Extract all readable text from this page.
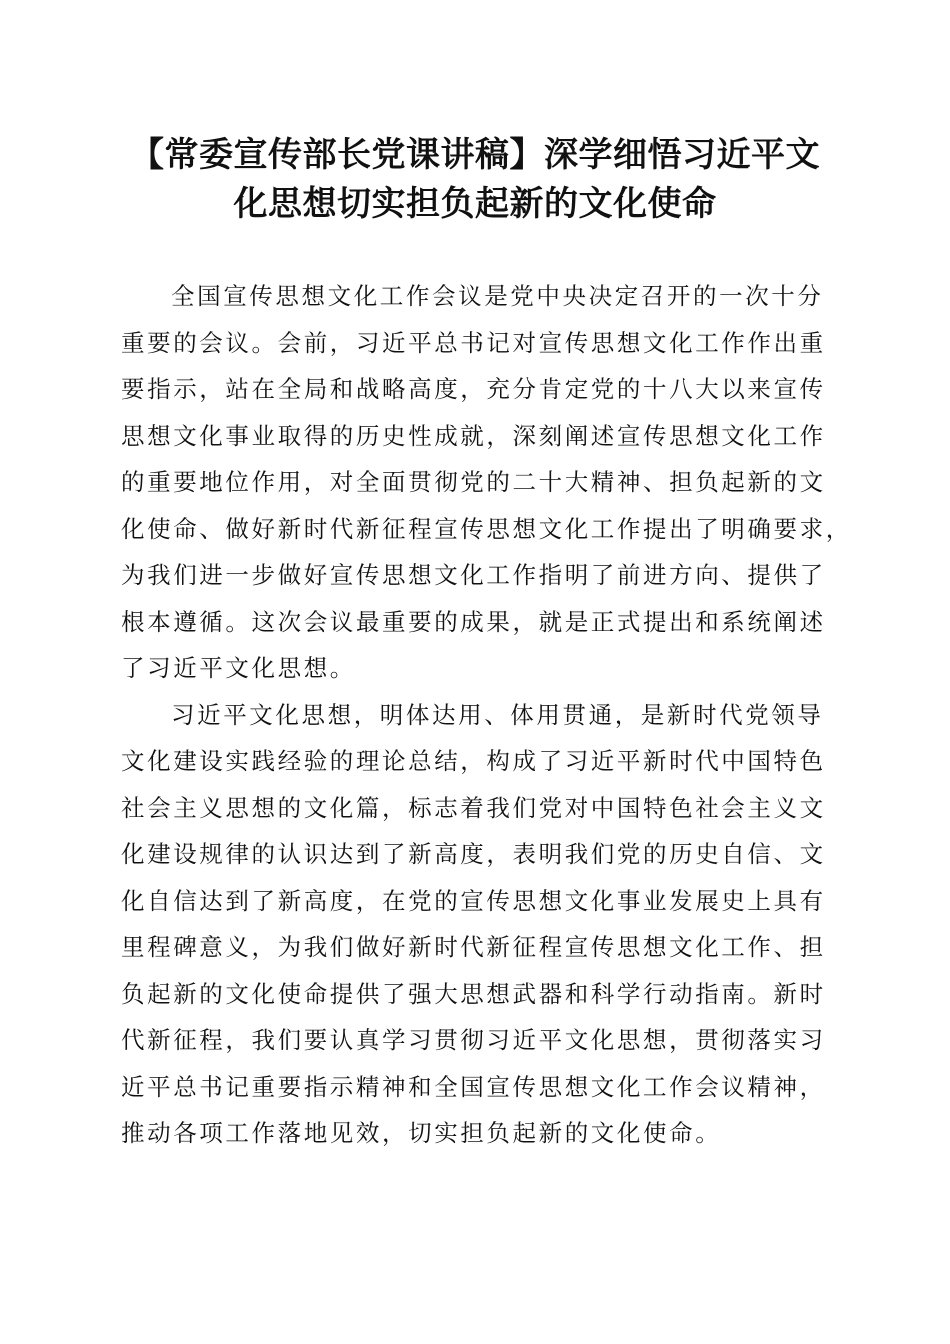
【常委宣传部长党课讲稿】深学细悟习近平文
化思想切实担负起新的文化使命
全国宣传思想文化工作会议是党中央决定召开的一次十分
重要的会议。会前，习近平总书记对宣传思想文化工作作出重
要指示，站在全局和战略高度，充分肯定党的十八大以来宣传
思想文化事业取得的历史性成就，深刻阐述宣传思想文化工作
的重要地位作用，对全面贯彻党的二十大精神、担负起新的文
化使命、做好新时代新征程宣传思想文化工作提出了明确要求，
为我们进一步做好宣传思想文化工作指明了前进方向、提供了
根本遵循。这次会议最重要的成果，就是正式提出和系统阐述
了习近平文化思想。
习近平文化思想，明体达用、体用贯通，是新时代党领导
文化建设实践经验的理论总结，构成了习近平新时代中国特色
社会主义思想的文化篇，标志着我们党对中国特色社会主义文
化建设规律的认识达到了新高度，表明我们党的历史自信、文
化自信达到了新高度，在党的宣传思想文化事业发展史上具有
里程碑意义，为我们做好新时代新征程宣传思想文化工作、担
负起新的文化使命提供了强大思想武器和科学行动指南。新时
代新征程，我们要认真学习贯彻习近平文化思想，贯彻落实习
近平总书记重要指示精神和全国宣传思想文化工作会议精神，
推动各项工作落地见效，切实担负起新的文化使命。
